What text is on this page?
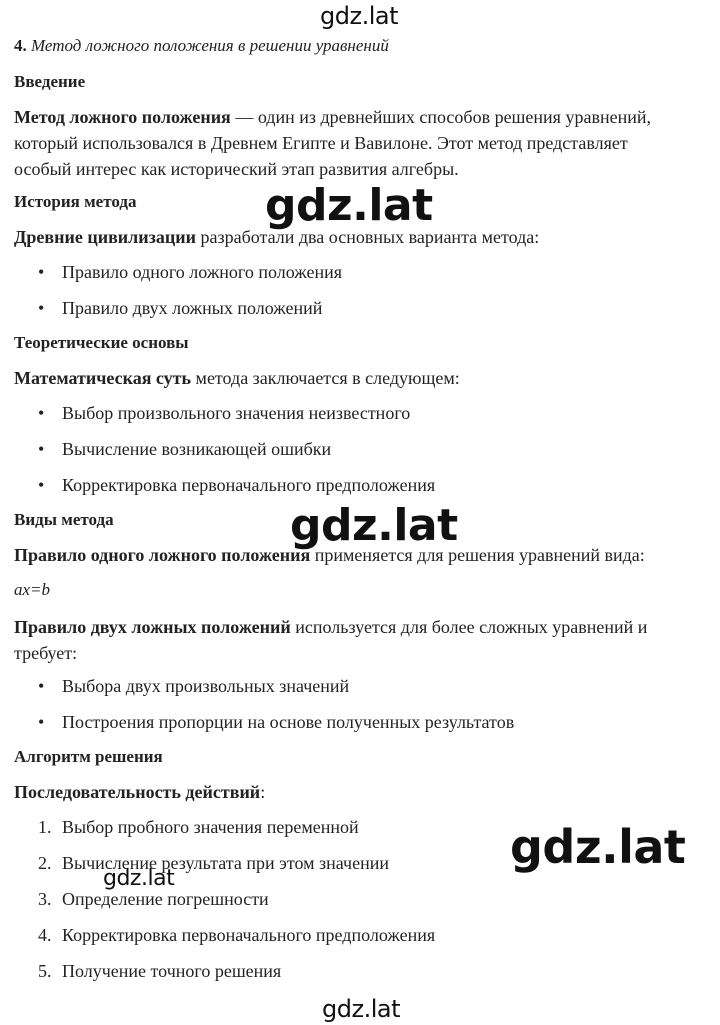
4. Метод ложного положения в решении уравнений
Введение

Метод ложного положения — один из древнейших способов решения уравнений,
который использовался в Древнем Египте и Вавилоне. Этот метод представляет
особый интерес как исторический этап развития алгебры.

История метода

Древние цивилизации разработали два основных варианта метода:

• Правило одного ложного положения
• Правило двух ложных положений
Теоретические основы

Математическая суть метода заключается в следующем:

• Выбор произвольного значения неизвестного
• Вычисление возникающей ошибки
• Корректировка первоначального предположения
Виды метода

Правило одного ложного положения применяется для решения уравнений вида:

ax=b

Правило двух ложных положений используется для более сложных уравнений и
требует:

• Выбора двух произвольных значений
• Построения пропорции на основе полученных результатов
Алгоритм решения

Последовательность действий:

1. Выбор пробного значения переменной
2. Вычисление результата при этом значении
3. Определение погрешности
4. Корректировка первоначального предположения
5. Получение точного решения
gdz.lat
gdz.lat
gdz.lat
gdz.lat
gdz.lat
gdz.lat
